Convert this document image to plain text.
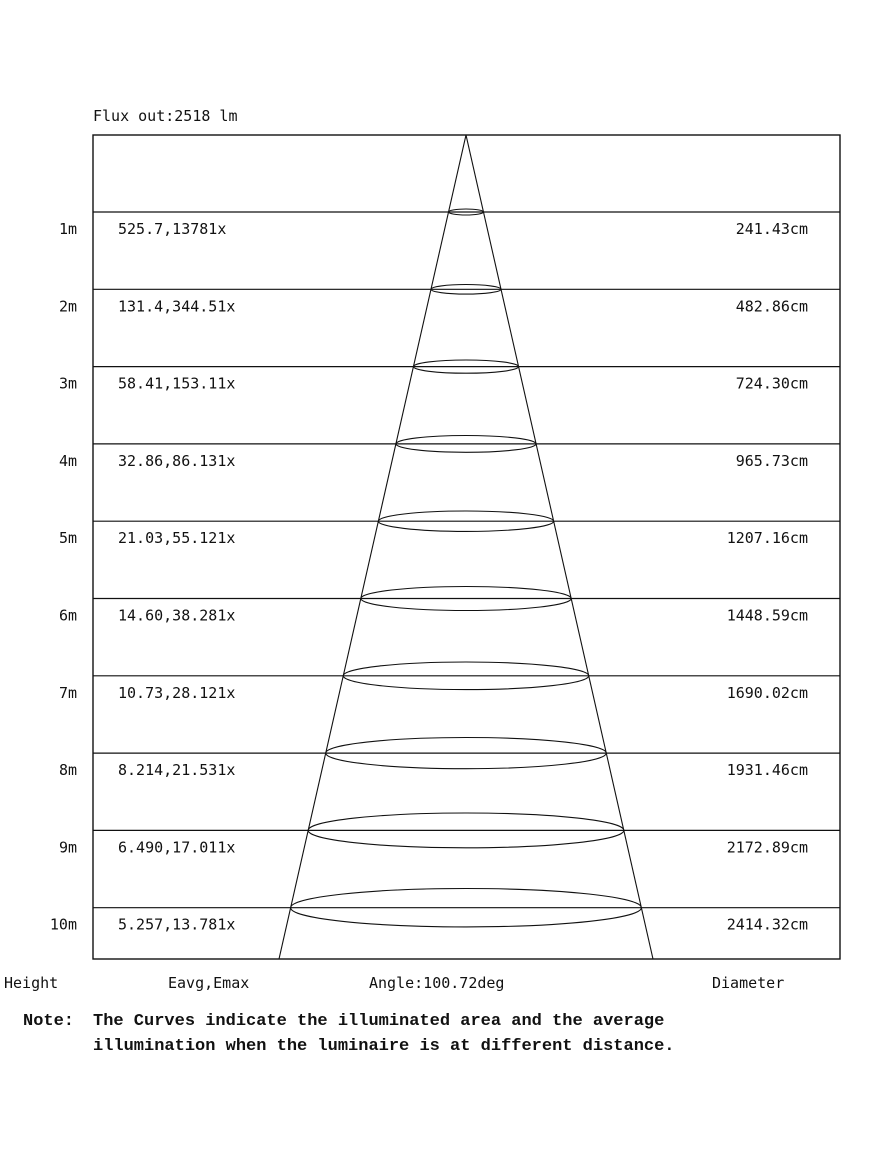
Flux out:2518 lm
1m	525.7,13781x	241.43cm
2m	131.4,344.51x	482.86cm
3m	58.41,153.11x	724.30cm
4m	32.86,86.131x	965.73cm
5m	21.03,55.121x	1207.16cm
6m	14.60,38.281x	1448.59cm
7m	10.73,28.121x	1690.02cm
8m	8.214,21.531x	1931.46cm
9m	6.490,17.011x	2172.89cm
10m	5.257,13.781x	2414.32cm
Height	Eavg,Emax	Angle:100.72deg	Diameter
Note: The Curves indicate the illuminated area and the average
illumination when the luminaire is at different distance.
